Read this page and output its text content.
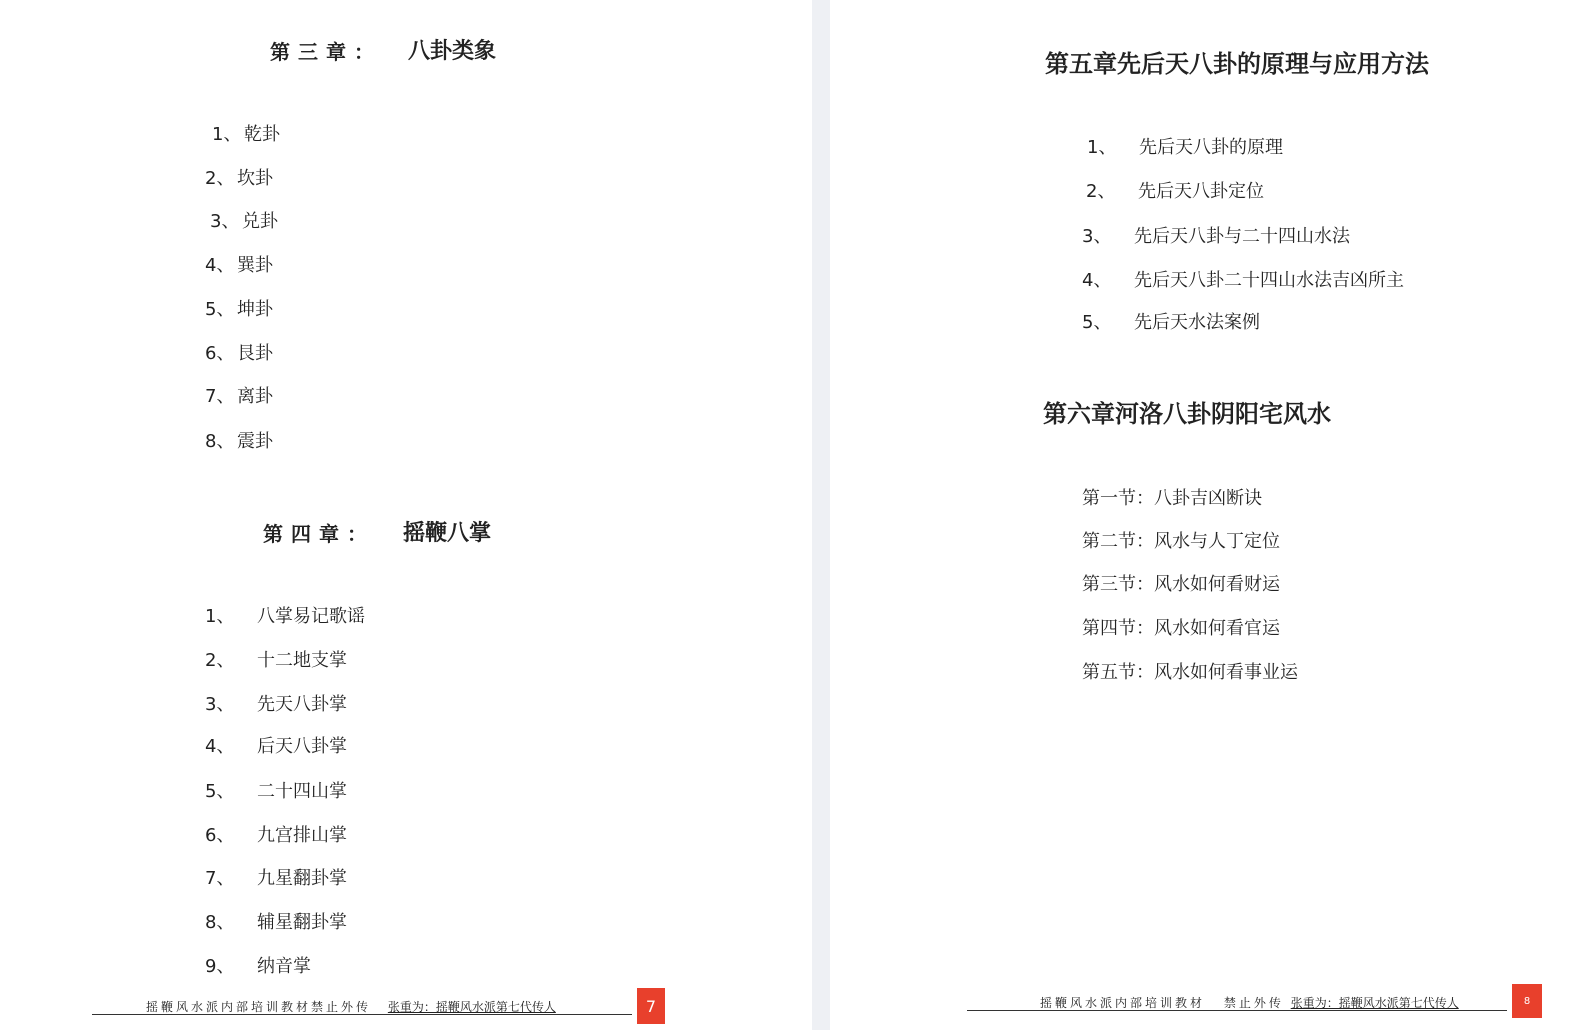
第三章： 八卦类象
1、 乾卦
2、 坎卦
3、 兑卦
4、 巽卦
5、 坤卦
6、 艮卦
7、 离卦
8、 震卦
第四章： 摇鞭八掌
1、 八掌易记歌谣
2、 十二地支掌
3、 先天八卦掌
4、 后天八卦掌
5、 二十四山掌
6、 九宫排山掌
7、 九星翻卦掌
8、 辅星翻卦掌
9、 纳音掌
摇鞭风水派内部培训教材禁止外传 张重为：摇鞭风水派第七代传人	7
第五章先后天八卦的原理与应用方法
1、 先后天八卦的原理
2、 先后天八卦定位
3、 先后天八卦与二十四山水法
4、 先后天八卦二十四山水法吉凶所主
5、 先后天水法案例
第六章河洛八卦阴阳宅风水
第一节：八卦吉凶断诀
第二节：风水与人丁定位
第三节：风水如何看财运
第四节：风水如何看官运
第五节：风水如何看事业运
摇鞭风水派内部培训教材 禁止外传 张重为：摇鞭风水派第七代传人	8
